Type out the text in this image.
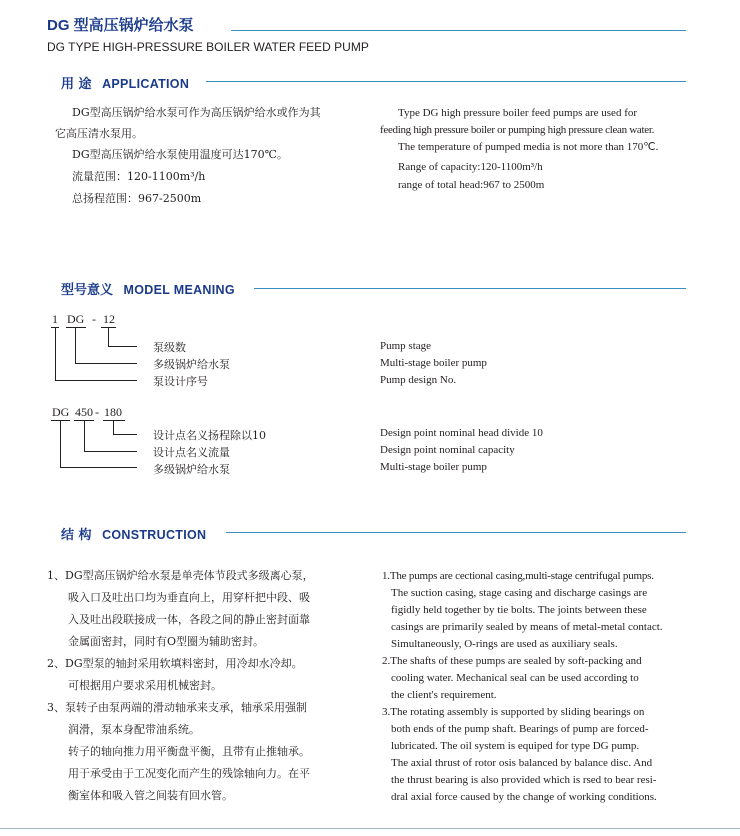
DG 型高压锅炉给水泵
DG TYPE HIGH-PRESSURE BOILER WATER FEED PUMP
用 途 APPLICATION
DG型高压锅炉给水泵可作为高压锅炉给水或作为其
它高压清水泵用。
DG型高压锅炉给水泵使用温度可达170℃。
流量范围：120-1100m³/h
总扬程范围：967-2500m
Type DG high pressure boiler feed pumps are used for
feeding high pressure boiler or pumping high pressure clean water.
The temperature of pumped media is not more than 170℃.
Range of capacity:120-1100m³/h
range of total head:967 to 2500m
型号意义 MODEL MEANING
1 DG - 12
泵级数
多级锅炉给水泵
泵设计序号
Pump stage
Multi-stage boiler pump
Pump design No.
DG 450 - 180
设计点名义扬程除以10
设计点名义流量
多级锅炉给水泵
Design point nominal head divide 10
Design point nominal capacity
Multi-stage boiler pump
结 构 CONSTRUCTION
1、DG型高压锅炉给水泵是单壳体节段式多级离心泵，
吸入口及吐出口均为垂直向上，用穿杆把中段、吸
入及吐出段联接成一体，各段之间的静止密封面靠
金属面密封，同时有O型圈为辅助密封。
2、DG型泵的轴封采用软填料密封，用冷却水冷却。
可根据用户要求采用机械密封。
3、泵转子由泵两端的滑动轴承来支承，轴承采用强制
润滑，泵本身配带油系统。
转子的轴向推力用平衡盘平衡，且带有止推轴承。
用于承受由于工况变化而产生的残馀轴向力。在平
衡室体和吸入管之间装有回水管。
1.The pumps are cectional casing,multi-stage centrifugal pumps.
The suction casing, stage casing and discharge casings are
figidly held together by tie bolts. The joints between these
casings are primarily sealed by means of metal-metal contact.
Simultaneously, O-rings are used as auxiliary seals.
2.The shafts of these pumps are sealed by soft-packing and
cooling water. Mechanical seal can be used according to
the client's requirement.
3.The rotating assembly is supported by sliding bearings on
both ends of the pump shaft. Bearings of pump are forced-
lubricated. The oil system is equiped for type DG pump.
The axial thrust of rotor osis balanced by balance disc. And
the thrust bearing is also provided which is rsed to bear resi-
dral axial force caused by the change of working conditions.
